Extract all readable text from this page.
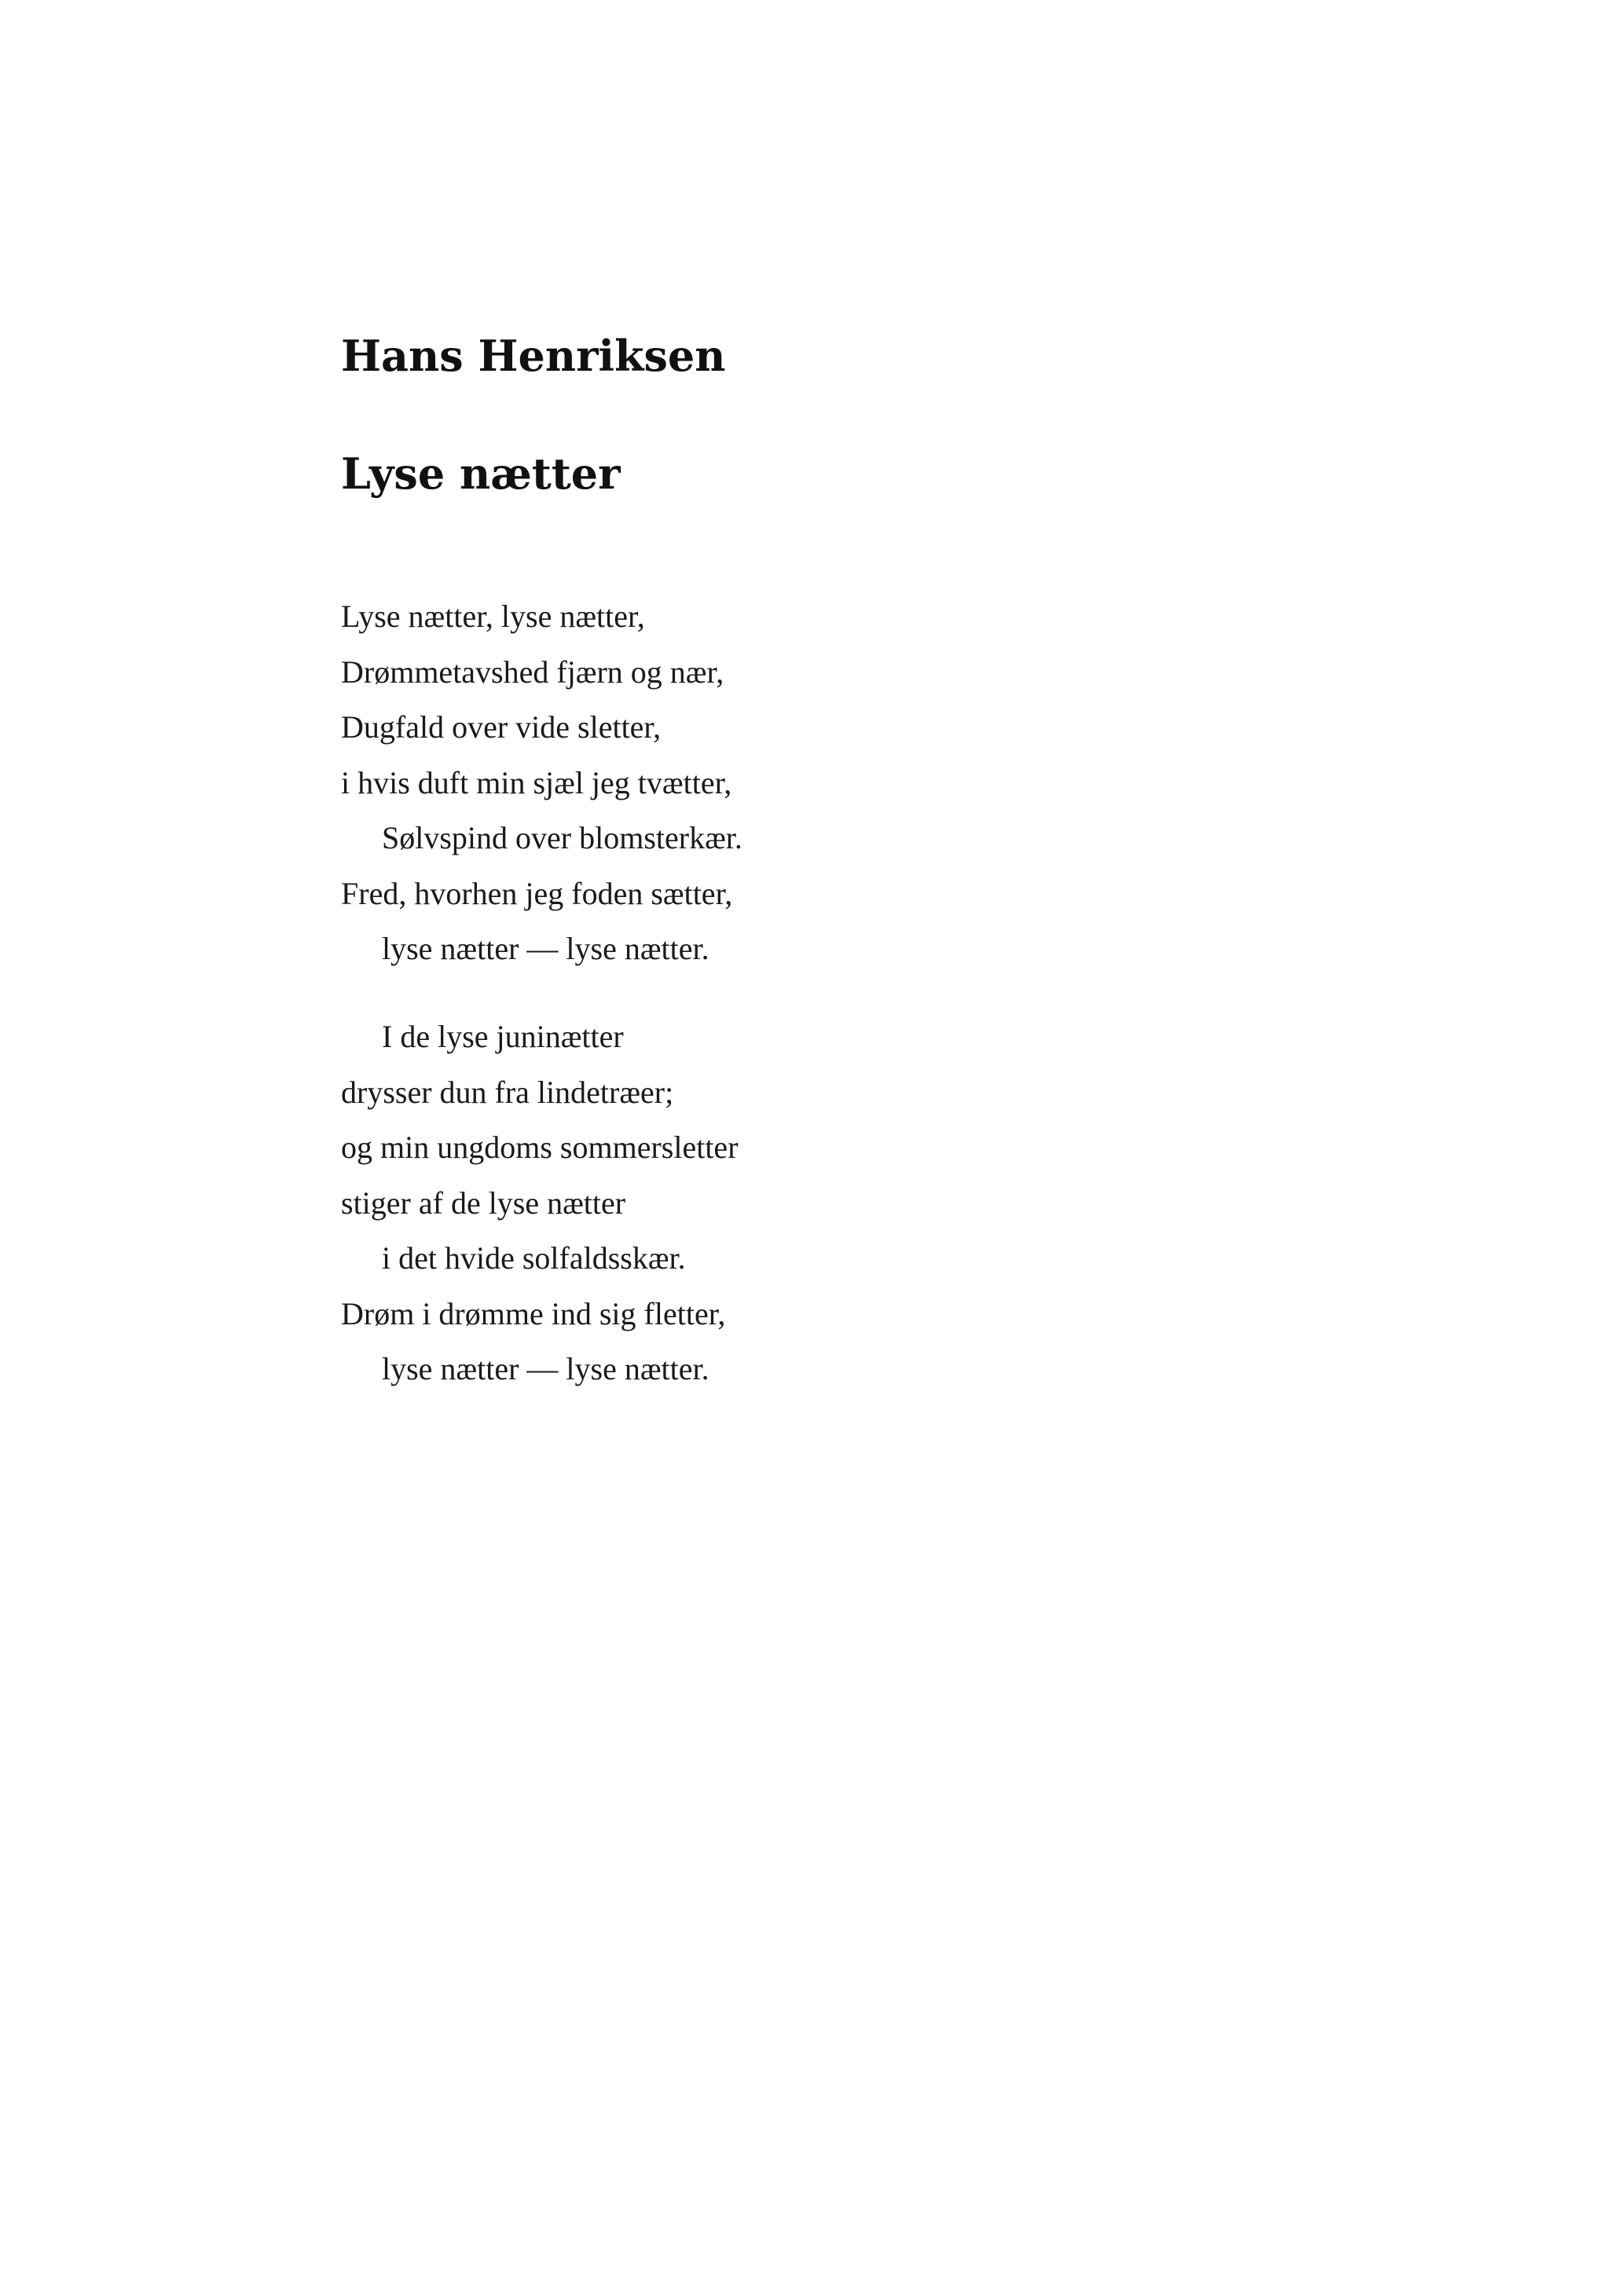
Hans Henriksen
Lyse nætter
Lyse nætter, lyse nætter,
Drømmetavshed fjærn og nær,
Dugfald over vide sletter,
i hvis duft min sjæl jeg tvætter,
Sølvspind over blomsterkær.
Fred, hvorhen jeg foden sætter,
lyse nætter — lyse nætter.
I de lyse juninætter
drysser dun fra lindetræer;
og min ungdoms sommersletter
stiger af de lyse nætter
i det hvide solfaldsskær.
Drøm i drømme ind sig fletter,
lyse nætter — lyse nætter.
